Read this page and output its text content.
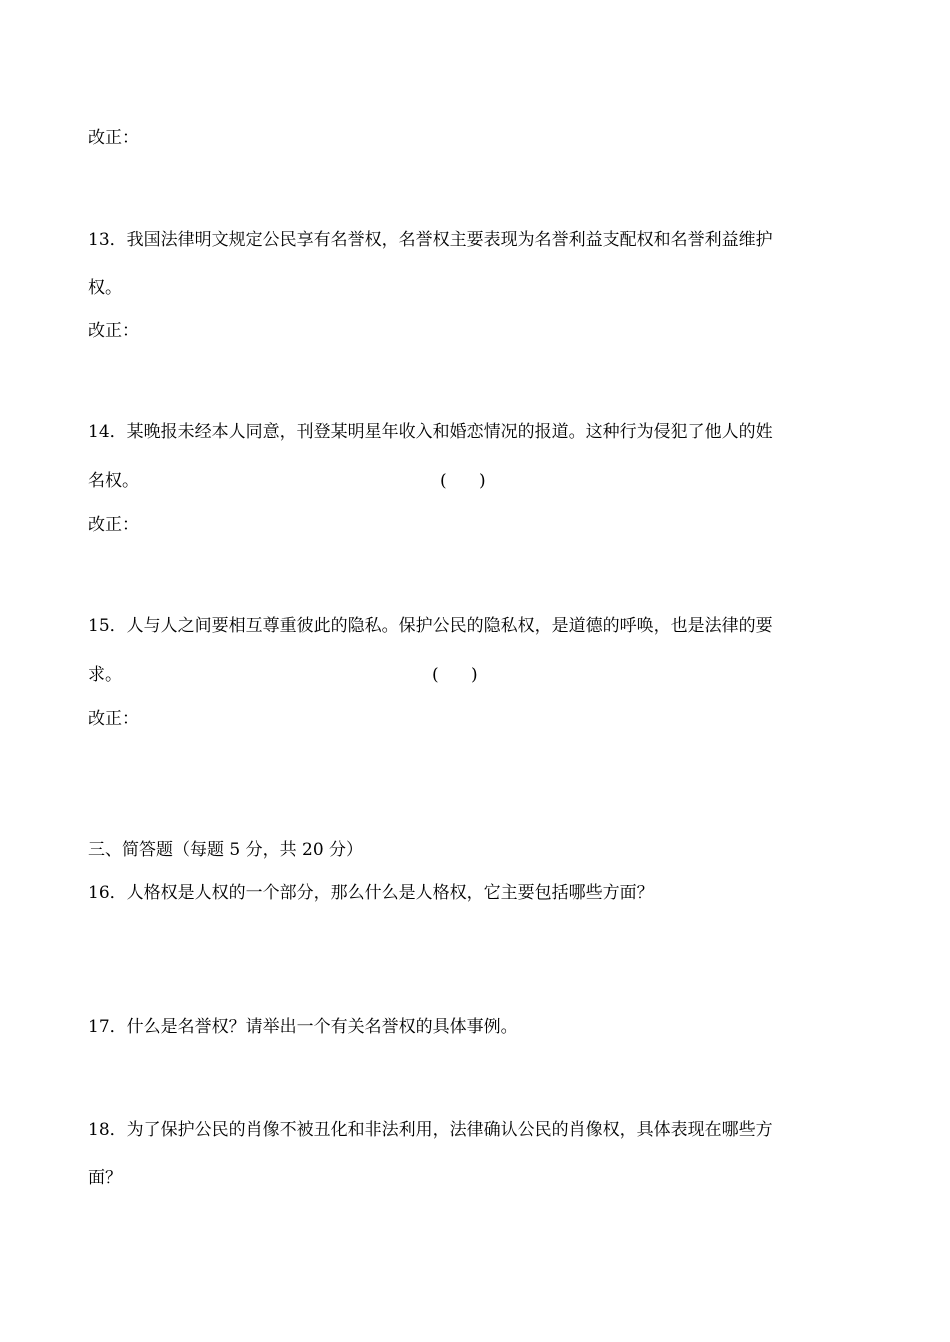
改正：
13．我国法律明文规定公民享有名誉权，名誉权主要表现为名誉利益支配权和名誉利益维护
权。
改正：
14．某晚报未经本人同意，刊登某明星年收入和婚恋情况的报道。这种行为侵犯了他人的姓
名权。	(      )
改正：
15．人与人之间要相互尊重彼此的隐私。保护公民的隐私权，是道德的呼唤，也是法律的要
求。	(      )
改正：
三、简答题（每题 5 分，共 20 分）
16．人格权是人权的一个部分，那么什么是人格权，它主要包括哪些方面？
17．什么是名誉权？请举出一个有关名誉权的具体事例。
18．为了保护公民的肖像不被丑化和非法利用，法律确认公民的肖像权，具体表现在哪些方
面？
